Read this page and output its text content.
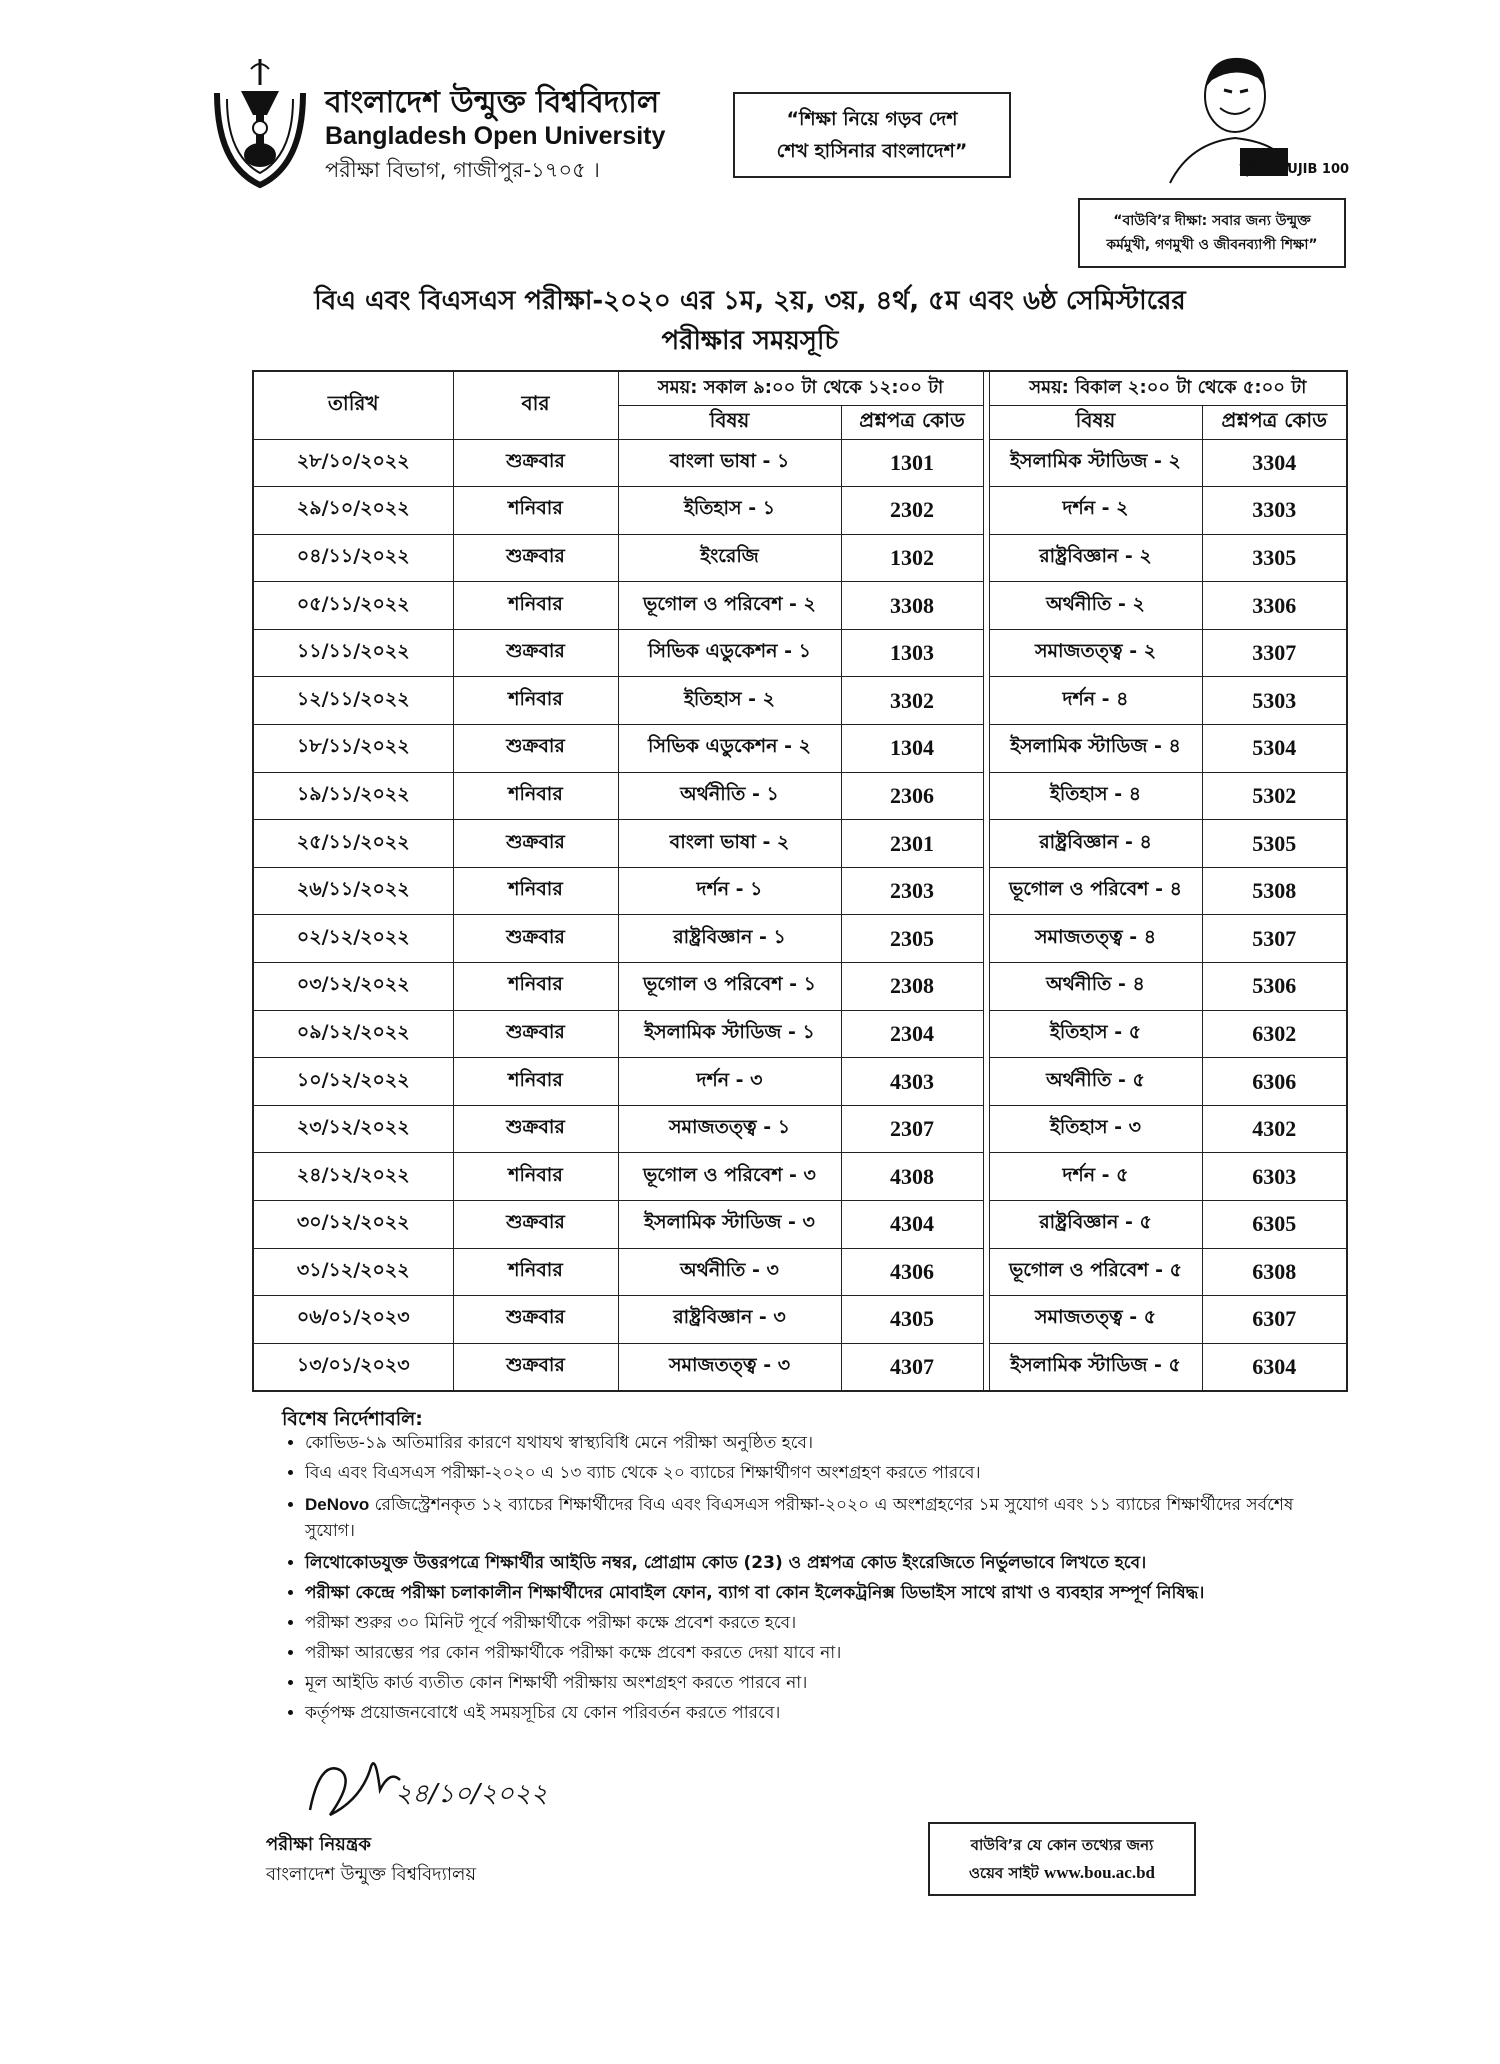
বাংলাদেশ উন্মুক্ত বিশ্ববিদ্যাল
Bangladesh Open University
পরীক্ষা বিভাগ, গাজীপুর-১৭০৫ ।
“শিক্ষা নিয়ে গড়ব দেশ
শেখ হাসিনার বাংলাদেশ”
মুজিব MUJIB 100
“বাউবি’র দীক্ষা: সবার জন্য উন্মুক্ত
কর্মমুখী, গণমুখী ও জীবনব্যাপী শিক্ষা”
বিএ এবং বিএসএস পরীক্ষা-২০২০ এর ১ম, ২য়, ৩য়, ৪র্থ, ৫ম এবং ৬ষ্ঠ সেমিস্টারের
পরীক্ষার সময়সূচি
তারিখ	বার	সময়: সকাল ৯:০০ টা থেকে ১২:০০ টা			সময়: বিকাল ২:০০ টা থেকে ৫:০০ টা	
		বিষয়	প্রশ্নপত্র কোড		বিষয়	প্রশ্নপত্র কোড
২৮/১০/২০২২	শুক্রবার	বাংলা ভাষা - ১	1301		ইসলামিক স্টাডিজ - ২	3304
২৯/১০/২০২২	শনিবার	ইতিহাস - ১	2302		দর্শন - ২	3303
০৪/১১/২০২২	শুক্রবার	ইংরেজি	1302		রাষ্ট্রবিজ্ঞান - ২	3305
০৫/১১/২০২২	শনিবার	ভূগোল ও পরিবেশ - ২	3308		অর্থনীতি - ২	3306
১১/১১/২০২২	শুক্রবার	সিভিক এডুকেশন - ১	1303		সমাজতত্ত্ব - ২	3307
১২/১১/২০২২	শনিবার	ইতিহাস - ২	3302		দর্শন - ৪	5303
১৮/১১/২০২২	শুক্রবার	সিভিক এডুকেশন - ২	1304		ইসলামিক স্টাডিজ - ৪	5304
১৯/১১/২০২২	শনিবার	অর্থনীতি - ১	2306		ইতিহাস - ৪	5302
২৫/১১/২০২২	শুক্রবার	বাংলা ভাষা - ২	2301		রাষ্ট্রবিজ্ঞান - ৪	5305
২৬/১১/২০২২	শনিবার	দর্শন - ১	2303		ভূগোল ও পরিবেশ - ৪	5308
০২/১২/২০২২	শুক্রবার	রাষ্ট্রবিজ্ঞান - ১	2305		সমাজতত্ত্ব - ৪	5307
০৩/১২/২০২২	শনিবার	ভূগোল ও পরিবেশ - ১	2308		অর্থনীতি - ৪	5306
০৯/১২/২০২২	শুক্রবার	ইসলামিক স্টাডিজ - ১	2304		ইতিহাস - ৫	6302
১০/১২/২০২২	শনিবার	দর্শন - ৩	4303		অর্থনীতি - ৫	6306
২৩/১২/২০২২	শুক্রবার	সমাজতত্ত্ব - ১	2307		ইতিহাস - ৩	4302
২৪/১২/২০২২	শনিবার	ভূগোল ও পরিবেশ - ৩	4308		দর্শন - ৫	6303
৩০/১২/২০২২	শুক্রবার	ইসলামিক স্টাডিজ - ৩	4304		রাষ্ট্রবিজ্ঞান - ৫	6305
৩১/১২/২০২২	শনিবার	অর্থনীতি - ৩	4306		ভূগোল ও পরিবেশ - ৫	6308
০৬/০১/২০২৩	শুক্রবার	রাষ্ট্রবিজ্ঞান - ৩	4305		সমাজতত্ত্ব - ৫	6307
১৩/০১/২০২৩	শুক্রবার	সমাজতত্ত্ব - ৩	4307		ইসলামিক স্টাডিজ - ৫	6304
বিশেষ নির্দেশাবলি:
• কোভিড-১৯ অতিমারির কারণে যথাযথ স্বাস্থ্যবিধি মেনে পরীক্ষা অনুষ্ঠিত হবে।
• বিএ এবং বিএসএস পরীক্ষা-২০২০ এ ১৩ ব্যাচ থেকে ২০ ব্যাচের শিক্ষার্থীগণ অংশগ্রহণ করতে পারবে।
• DeNovo রেজিস্ট্রেশনকৃত ১২ ব্যাচের শিক্ষার্থীদের বিএ এবং বিএসএস পরীক্ষা-২০২০ এ অংশগ্রহণের ১ম সুযোগ এবং ১১ ব্যাচের শিক্ষার্থীদের সর্বশেষ সুযোগ।
• লিথোকোডযুক্ত উত্তরপত্রে শিক্ষার্থীর আইডি নম্বর, প্রোগ্রাম কোড (23) ও প্রশ্নপত্র কোড ইংরেজিতে নির্ভুলভাবে লিখতে হবে।
• পরীক্ষা কেন্দ্রে পরীক্ষা চলাকালীন শিক্ষার্থীদের মোবাইল ফোন, ব্যাগ বা কোন ইলেকট্রনিক্স ডিভাইস সাথে রাখা ও ব্যবহার সম্পূর্ণ নিষিদ্ধ।
• পরীক্ষা শুরুর ৩০ মিনিট পূর্বে পরীক্ষার্থীকে পরীক্ষা কক্ষে প্রবেশ করতে হবে।
• পরীক্ষা আরম্ভের পর কোন পরীক্ষার্থীকে পরীক্ষা কক্ষে প্রবেশ করতে দেয়া যাবে না।
• মূল আইডি কার্ড ব্যতীত কোন শিক্ষার্থী পরীক্ষায় অংশগ্রহণ করতে পারবে না।
• কর্তৃপক্ষ প্রয়োজনবোধে এই সময়সূচির যে কোন পরিবর্তন করতে পারবে।
২৪/১০/২০২২
পরীক্ষা নিয়ন্ত্রক
বাংলাদেশ উন্মুক্ত বিশ্ববিদ্যালয়
বাউবি’র যে কোন তথ্যের জন্য
ওয়েব সাইট www.bou.ac.bd
